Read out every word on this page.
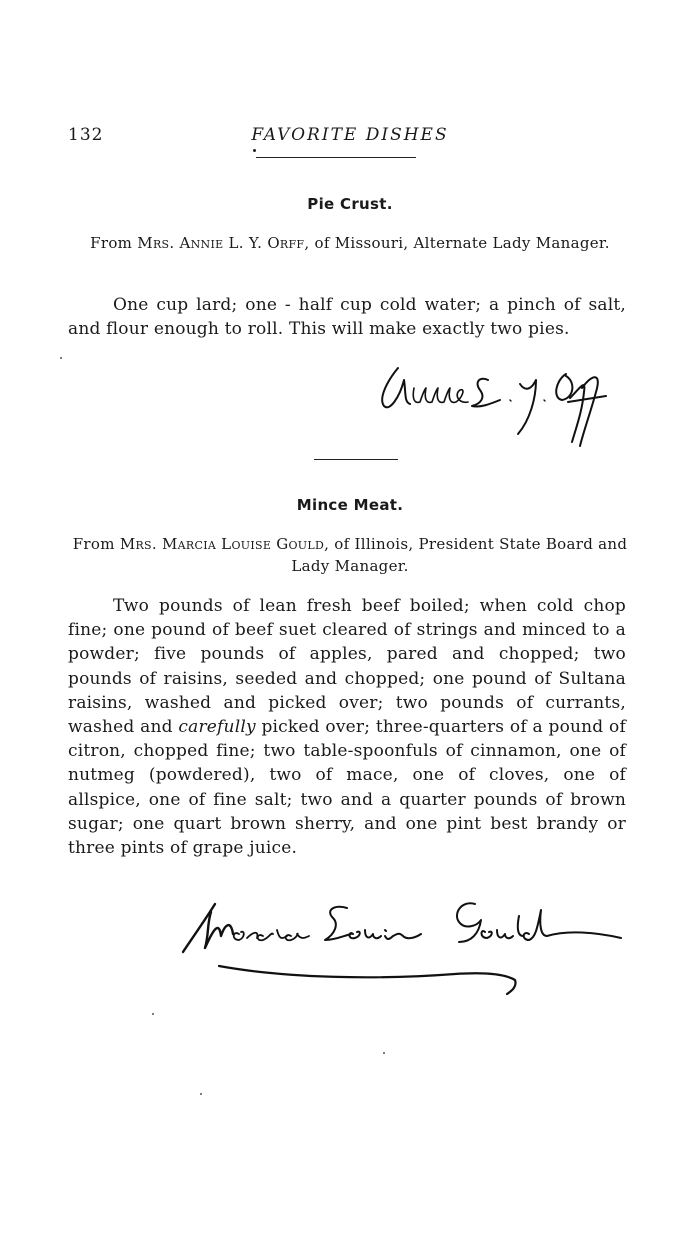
132	FAVORITE DISHES
Pie Crust.
From Mrs. Annie L. Y. Orff, of Missouri, Alternate Lady Manager.
One cup lard; one - half cup cold water; a pinch of salt, and flour enough to roll. This will make exactly two pies.
Mince Meat.
From Mrs. Marcia Louise Gould, of Illinois, President State Board and Lady Manager.
Two pounds of lean fresh beef boiled; when cold chop fine; one pound of beef suet cleared of strings and minced to a powder; five pounds of apples, pared and chopped; two pounds of raisins, seeded and chopped; one pound of Sultana raisins, washed and picked over; two pounds of currants, washed and carefully picked over; three-quarters of a pound of citron, chopped fine; two table-spoonfuls of cinnamon, one of nutmeg (powdered), two of mace, one of cloves, one of allspice, one of fine salt; two and a quarter pounds of brown sugar; one quart brown sherry, and one pint best brandy or three pints of grape juice.
